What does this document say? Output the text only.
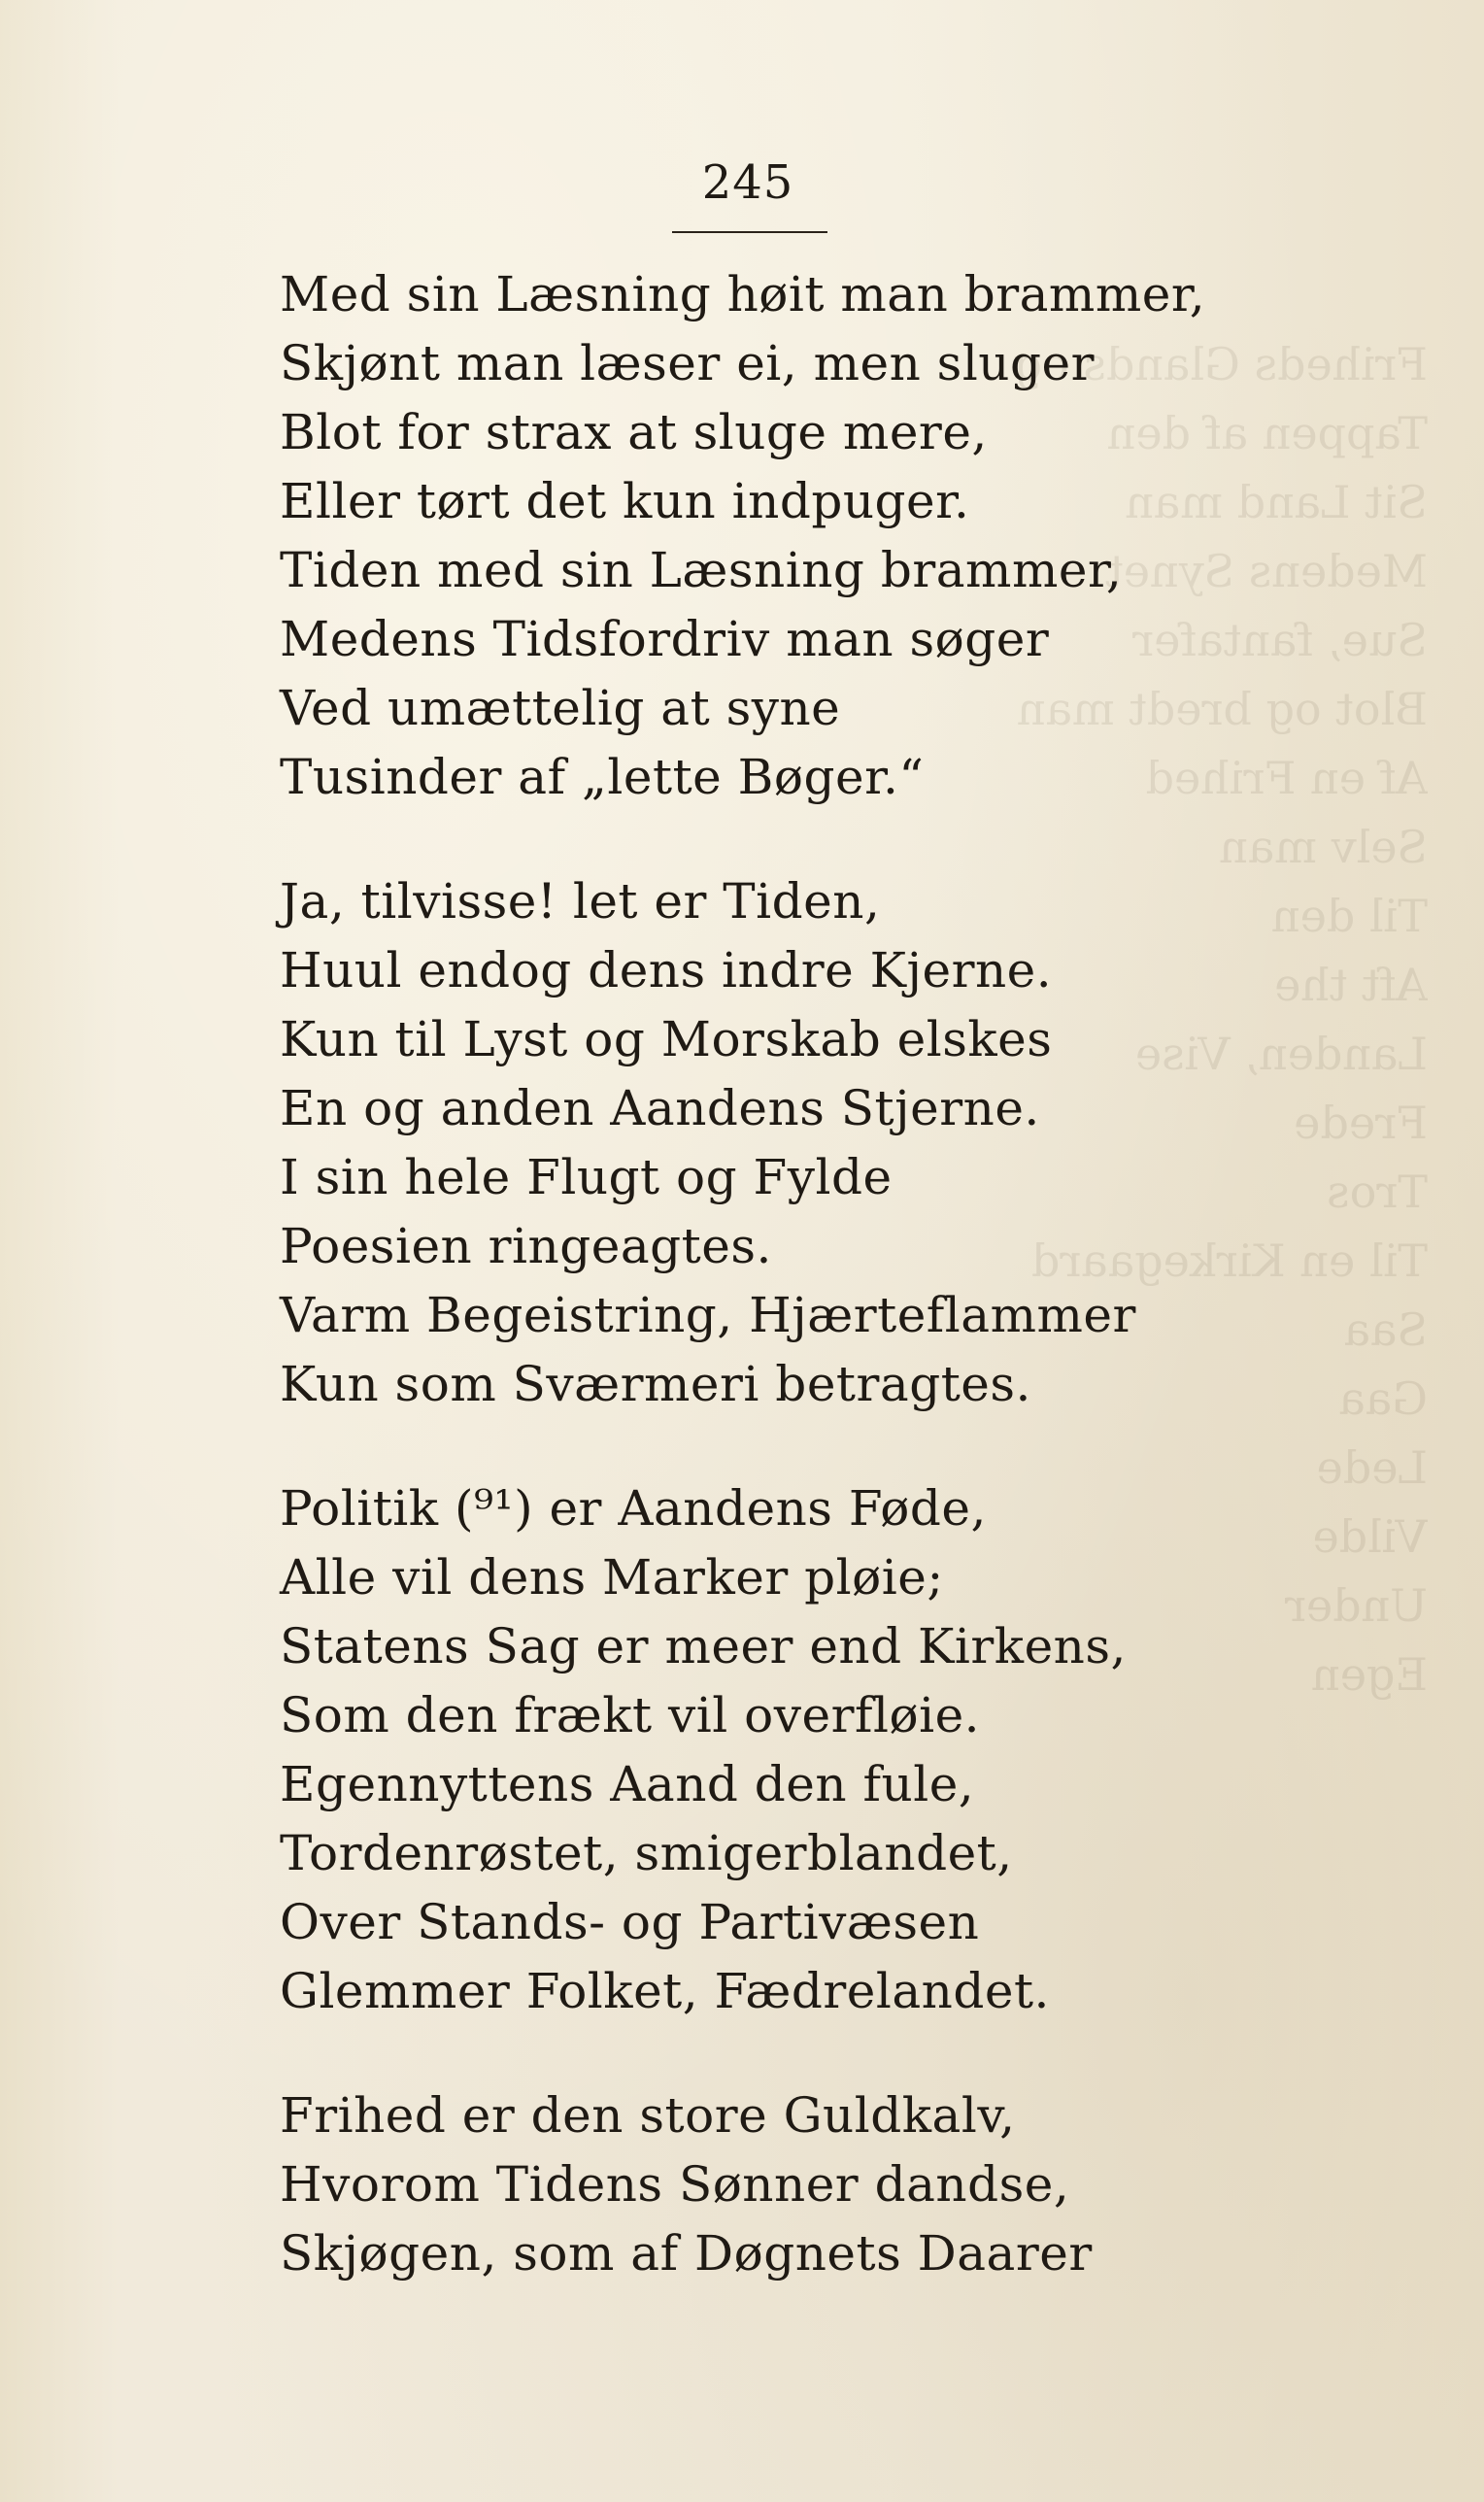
Friheds Glands og
Tappen af den
Sit Land man
Medens Synet
Sue, fantafer
Blot og bredt man
Af en Frihed
Selv man
Til den
Aft the
Landen, Vise
Frede
Tros
Til en Kirkegaard
Saa
Gaa
Lede
Vilde
Under
Egen
245
Med sin Læsning høit man brammer,
Skjønt man læser ei, men sluger
Blot for strax at sluge mere,
Eller tørt det kun indpuger.
Tiden med sin Læsning brammer,
Medens Tidsfordriv man søger
Ved umættelig at syne
Tusinder af „lette Bøger.“
Ja, tilvisse! let er Tiden,
Huul endog dens indre Kjerne.
Kun til Lyst og Morskab elskes
En og anden Aandens Stjerne.
I sin hele Flugt og Fylde
Poesien ringeagtes.
Varm Begeistring, Hjærteflammer
Kun som Sværmeri betragtes.
Politik (⁹¹) er Aandens Føde,
Alle vil dens Marker pløie;
Statens Sag er meer end Kirkens,
Som den frækt vil overfløie.
Egennyttens Aand den fule,
Tordenrøstet, smigerblandet,
Over Stands- og Partivæsen
Glemmer Folket, Fædrelandet.
Frihed er den store Guldkalv,
Hvorom Tidens Sønner dandse,
Skjøgen, som af Døgnets Daarer
